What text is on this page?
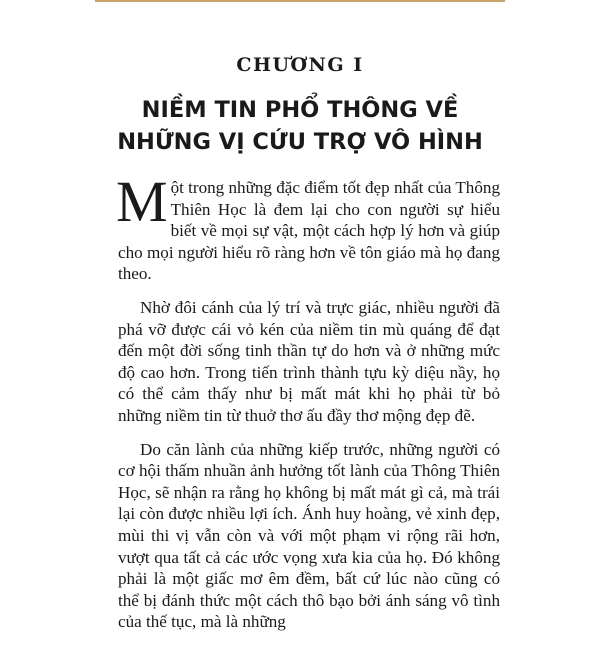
CHƯƠNG I
NIỀM TIN PHỔ THÔNG VỀ
NHỮNG VỊ CỨU TRỢ VÔ HÌNH

Một trong những đặc điểm tốt đẹp nhất của Thông Thiên Học là đem lại cho con người sự hiểu biết về mọi sự vật, một cách hợp lý hơn và giúp cho mọi người hiểu rõ ràng hơn về tôn giáo mà họ đang theo.

Nhờ đôi cánh của lý trí và trực giác, nhiều người đã phá vỡ được cái vỏ kén của niềm tin mù quáng để đạt đến một đời sống tinh thần tự do hơn và ở những mức độ cao hơn. Trong tiến trình thành tựu kỳ diệu nầy, họ có thể cảm thấy như bị mất mát khi họ phải từ bỏ những niềm tin từ thuở thơ ấu đầy thơ mộng đẹp đẽ.

Do căn lành của những kiếp trước, những người có cơ hội thấm nhuần ảnh hưởng tốt lành của Thông Thiên Học, sẽ nhận ra rằng họ không bị mất mát gì cả, mà trái lại còn được nhiều lợi ích. Ánh huy hoàng, vẻ xinh đẹp, mùi thi vị vẫn còn và với một phạm vi rộng rãi hơn, vượt qua tất cả các ước vọng xưa kia của họ. Đó không phải là một giấc mơ êm đềm, bất cứ lúc nào cũng có thể bị đánh thức một cách thô bạo bởi ánh sáng vô tình của thế tục, mà là những
